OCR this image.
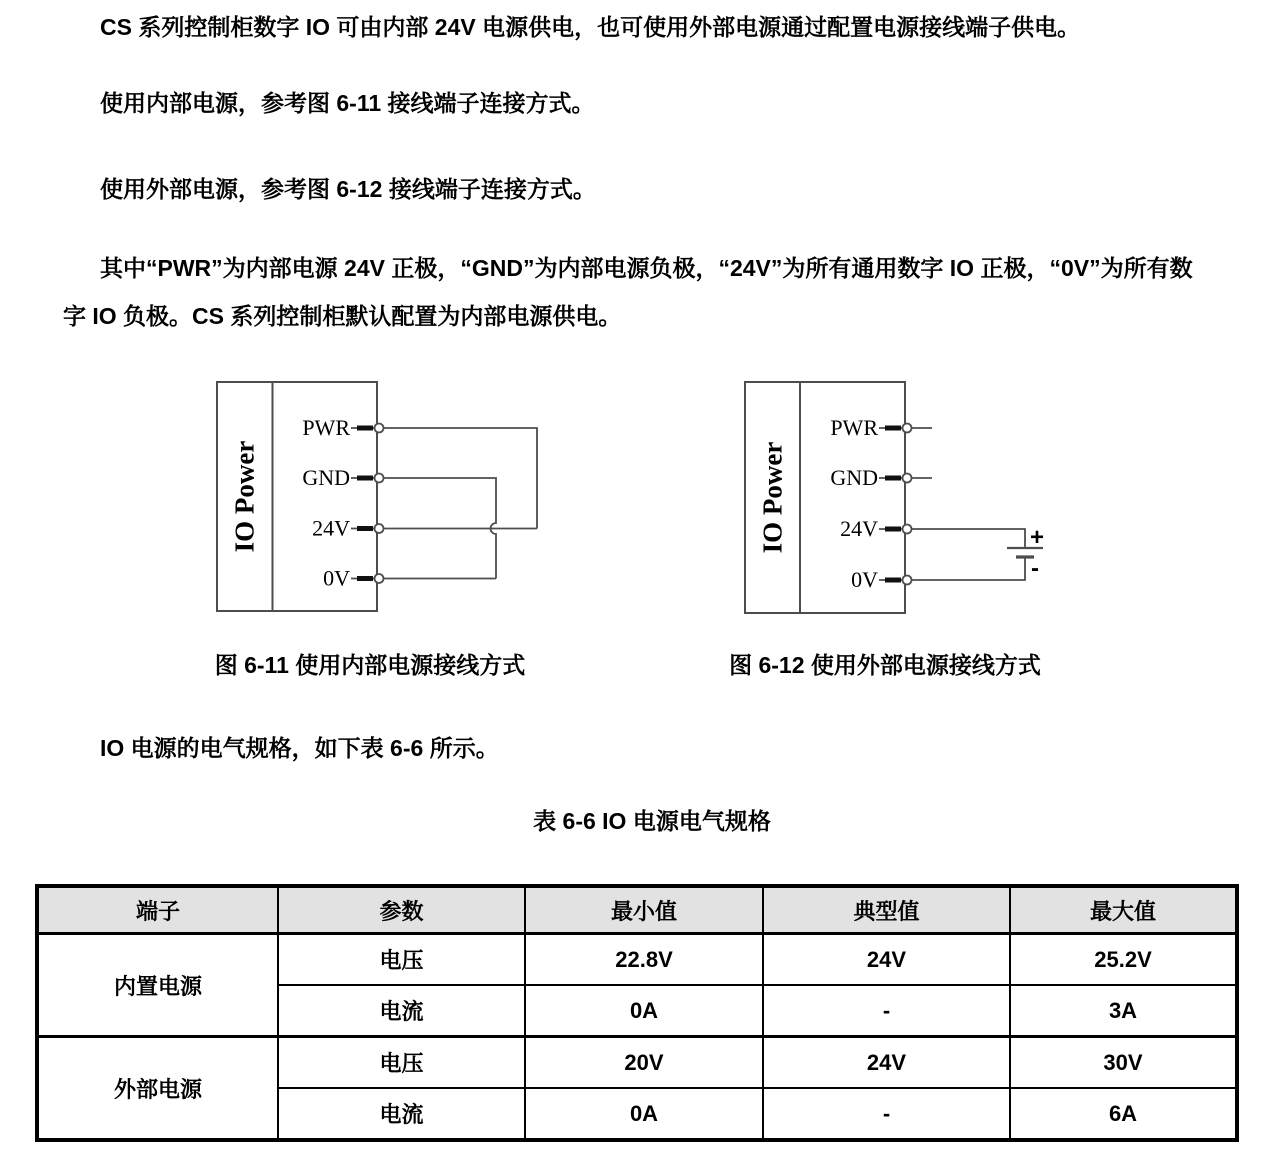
CS 系列控制柜数字 IO 可由内部 24V 电源供电，也可使用外部电源通过配置电源接线端子供电。
使用内部电源，参考图 6-11 接线端子连接方式。
使用外部电源，参考图 6-12 接线端子连接方式。
其中“PWR”为内部电源 24V 正极，“GND”为内部电源负极，“24V”为所有通用数字 IO 正极，“0V”为所有数字 IO 负极。CS 系列控制柜默认配置为内部电源供电。
IO 电源的电气规格，如下表 6-6 所示。
IO Power
PWR
GND
24V
0V
IO Power
PWR
GND
24V
0V
+
-
图 6-11 使用内部电源接线方式	图 6-12 使用外部电源接线方式
表 6-6 IO 电源电气规格
端子	参数	最小值	典型值	最大值
内置电源	电压	22.8V	24V	25.2V
	电流	0A	-	3A
外部电源	电压	20V	24V	30V
	电流	0A	-	6A
